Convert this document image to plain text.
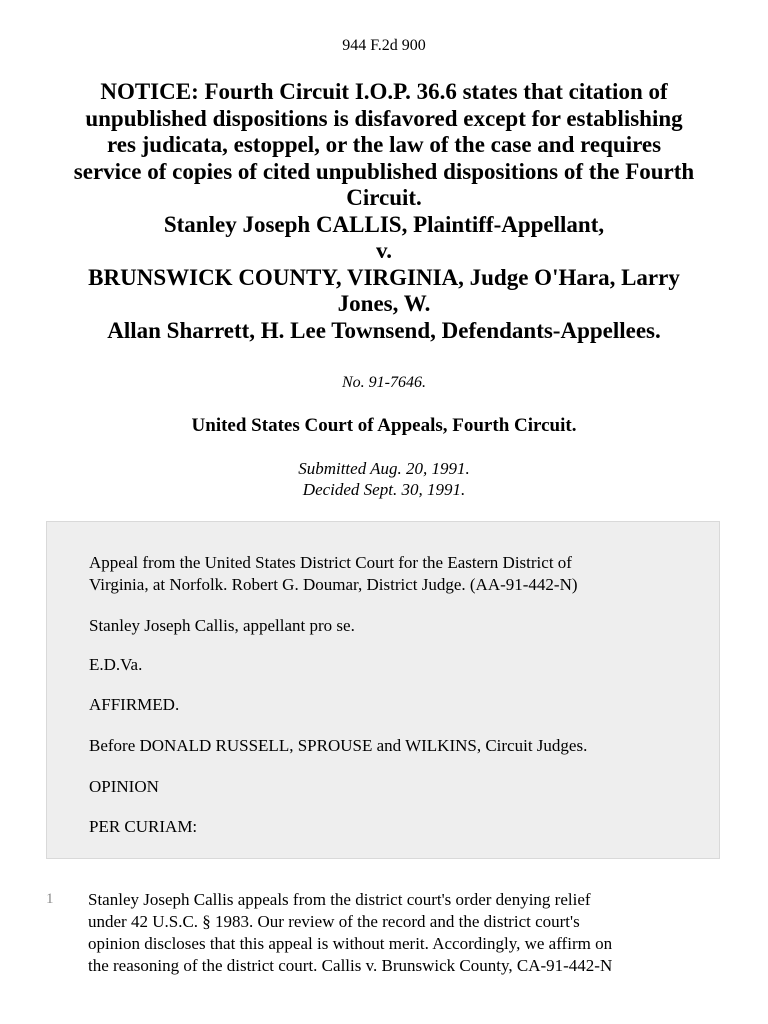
944 F.2d 900
NOTICE: Fourth Circuit I.O.P. 36.6 states that citation of
unpublished dispositions is disfavored except for establishing
res judicata, estoppel, or the law of the case and requires
service of copies of cited unpublished dispositions of the Fourth
Circuit.
Stanley Joseph CALLIS, Plaintiff-Appellant,
v.
BRUNSWICK COUNTY, VIRGINIA, Judge O'Hara, Larry
Jones, W.
Allan Sharrett, H. Lee Townsend, Defendants-Appellees.
No. 91-7646.
United States Court of Appeals, Fourth Circuit.
Submitted Aug. 20, 1991.
Decided Sept. 30, 1991.

Appeal from the United States District Court for the Eastern District of
Virginia, at Norfolk. Robert G. Doumar, District Judge. (AA-91-442-N)

Stanley Joseph Callis, appellant pro se.

E.D.Va.

AFFIRMED.

Before DONALD RUSSELL, SPROUSE and WILKINS, Circuit Judges.

OPINION

PER CURIAM:

1 Stanley Joseph Callis appeals from the district court's order denying relief
under 42 U.S.C. § 1983. Our review of the record and the district court's
opinion discloses that this appeal is without merit. Accordingly, we affirm on
the reasoning of the district court. Callis v. Brunswick County, CA-91-442-N
